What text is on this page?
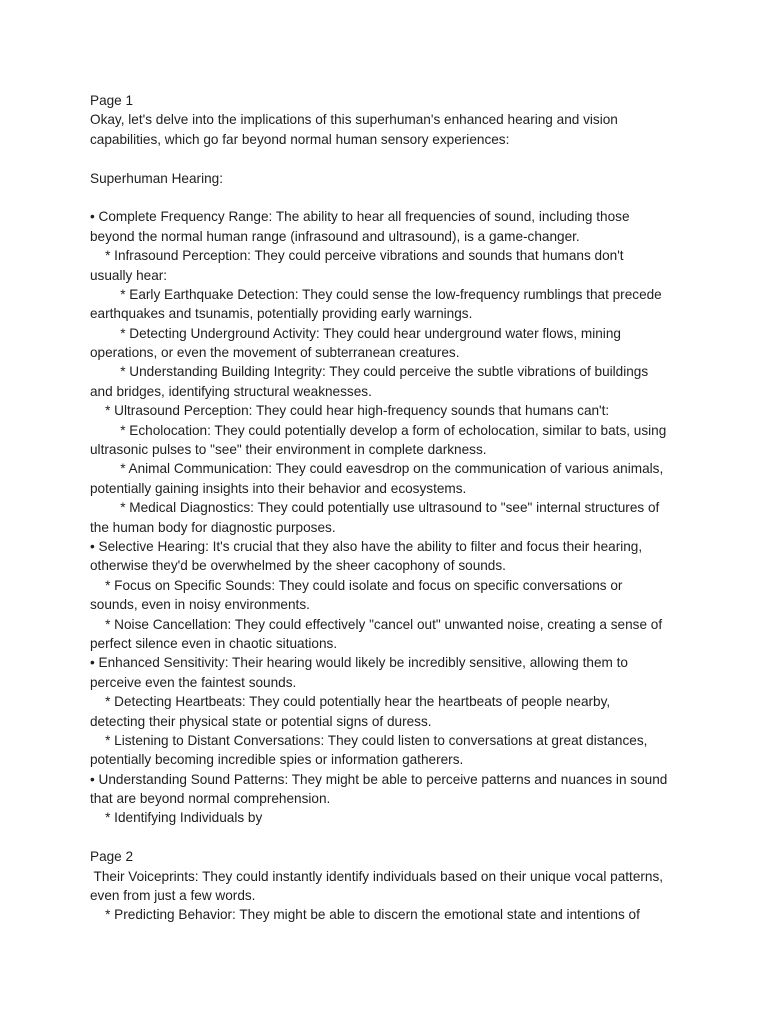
Page 1
Okay, let's delve into the implications of this superhuman's enhanced hearing and vision
capabilities, which go far beyond normal human sensory experiences:
Superhuman Hearing:
• Complete Frequency Range: The ability to hear all frequencies of sound, including those
beyond the normal human range (infrasound and ultrasound), is a game-changer.
* Infrasound Perception: They could perceive vibrations and sounds that humans don't
usually hear:
* Early Earthquake Detection: They could sense the low-frequency rumblings that precede
earthquakes and tsunamis, potentially providing early warnings.
* Detecting Underground Activity: They could hear underground water flows, mining
operations, or even the movement of subterranean creatures.
* Understanding Building Integrity: They could perceive the subtle vibrations of buildings
and bridges, identifying structural weaknesses.
* Ultrasound Perception: They could hear high-frequency sounds that humans can't:
* Echolocation: They could potentially develop a form of echolocation, similar to bats, using
ultrasonic pulses to "see" their environment in complete darkness.
* Animal Communication: They could eavesdrop on the communication of various animals,
potentially gaining insights into their behavior and ecosystems.
* Medical Diagnostics: They could potentially use ultrasound to "see" internal structures of
the human body for diagnostic purposes.
• Selective Hearing: It's crucial that they also have the ability to filter and focus their hearing,
otherwise they'd be overwhelmed by the sheer cacophony of sounds.
* Focus on Specific Sounds: They could isolate and focus on specific conversations or
sounds, even in noisy environments.
* Noise Cancellation: They could effectively "cancel out" unwanted noise, creating a sense of
perfect silence even in chaotic situations.
• Enhanced Sensitivity: Their hearing would likely be incredibly sensitive, allowing them to
perceive even the faintest sounds.
* Detecting Heartbeats: They could potentially hear the heartbeats of people nearby,
detecting their physical state or potential signs of duress.
* Listening to Distant Conversations: They could listen to conversations at great distances,
potentially becoming incredible spies or information gatherers.
• Understanding Sound Patterns: They might be able to perceive patterns and nuances in sound
that are beyond normal comprehension.
* Identifying Individuals by
Page 2
Their Voiceprints: They could instantly identify individuals based on their unique vocal patterns,
even from just a few words.
* Predicting Behavior: They might be able to discern the emotional state and intentions of
